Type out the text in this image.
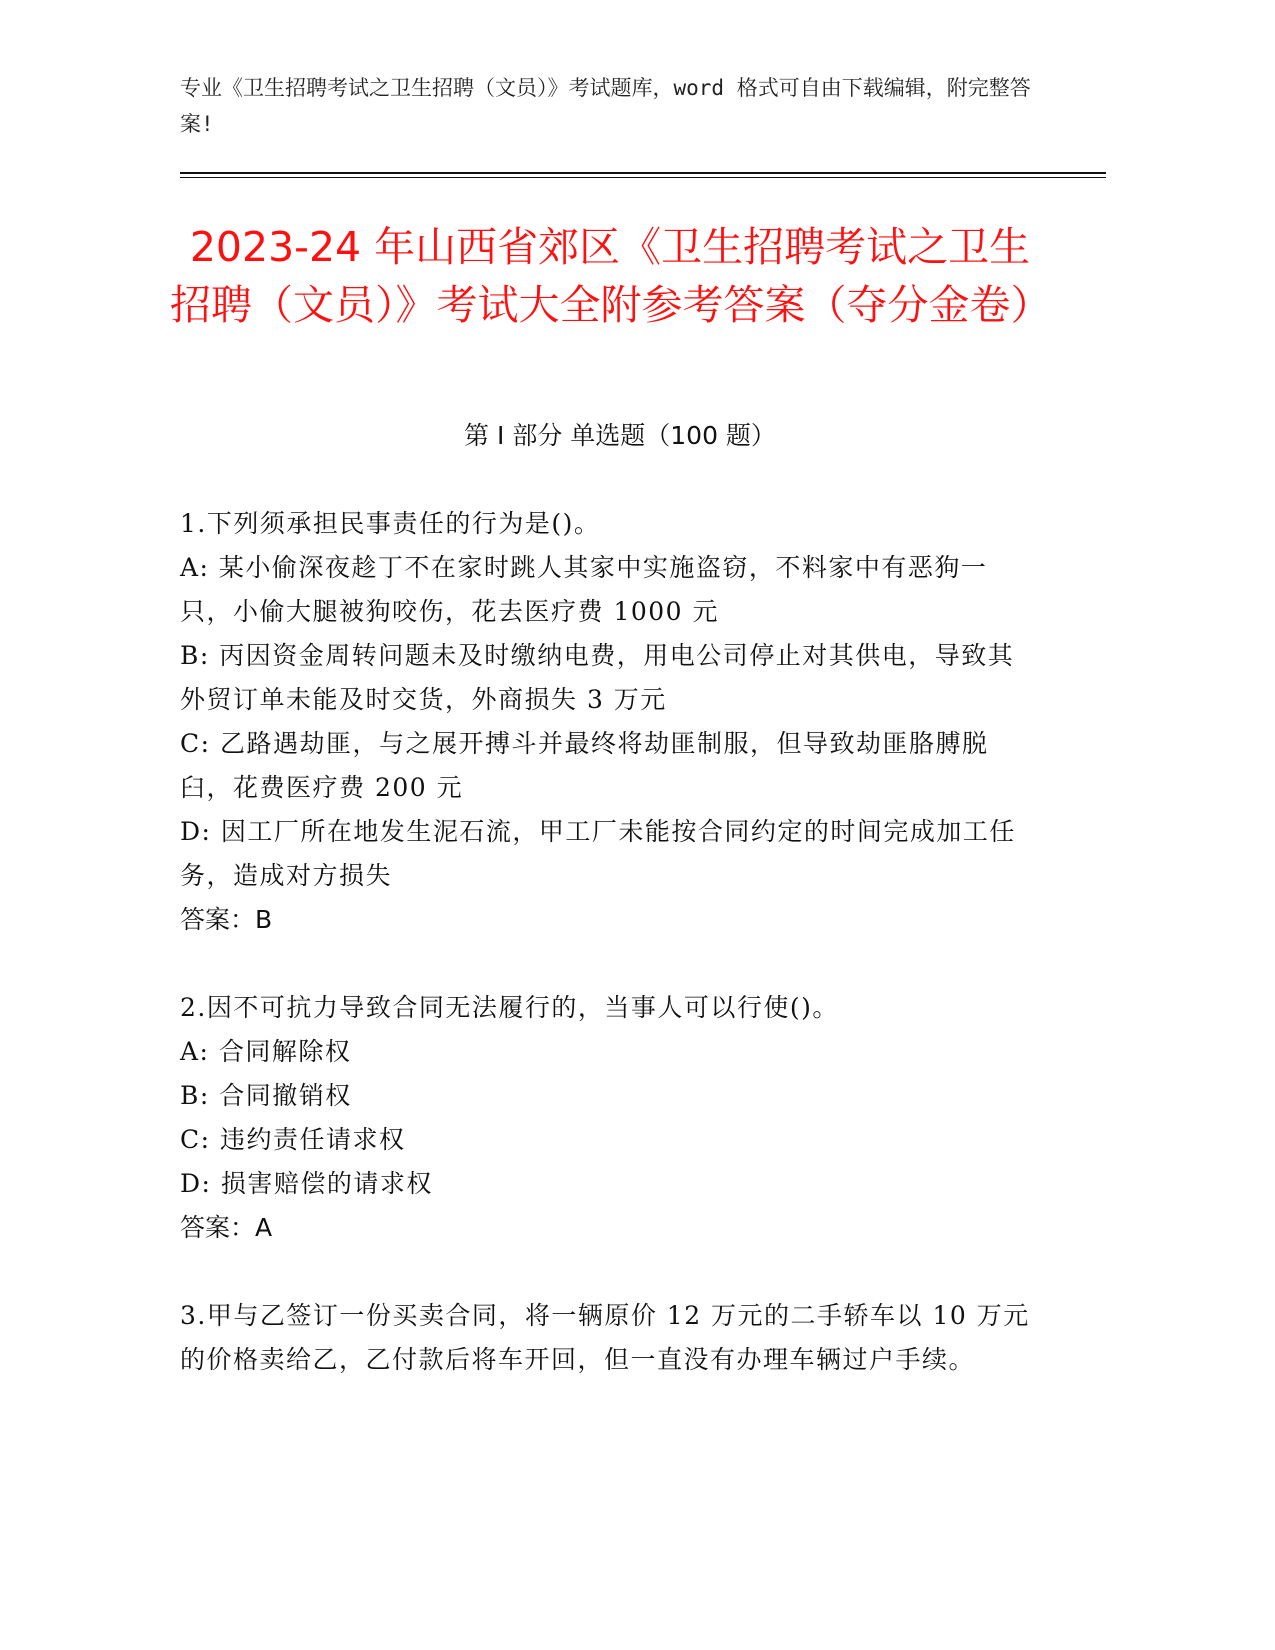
专业《卫生招聘考试之卫生招聘（文员）》考试题库，word 格式可自由下载编辑，附完整答案!
2023-24 年山西省郊区《卫生招聘考试之卫生招聘（文员）》考试大全附参考答案（夺分金卷）
第 I 部分 单选题（100 题）
1.下列须承担民事责任的行为是()。
A: 某小偷深夜趁丁不在家时跳人其家中实施盗窃，不料家中有恶狗一只，小偷大腿被狗咬伤，花去医疗费 1000 元
B: 丙因资金周转问题未及时缴纳电费，用电公司停止对其供电，导致其外贸订单未能及时交货，外商损失 3 万元
C: 乙路遇劫匪，与之展开搏斗并最终将劫匪制服，但导致劫匪胳膊脱臼，花费医疗费 200 元
D: 因工厂所在地发生泥石流，甲工厂未能按合同约定的时间完成加工任务，造成对方损失
答案：B
2.因不可抗力导致合同无法履行的，当事人可以行使()。
A: 合同解除权
B: 合同撤销权
C: 违约责任请求权
D: 损害赔偿的请求权
答案：A
3.甲与乙签订一份买卖合同，将一辆原价 12 万元的二手轿车以 10 万元的价格卖给乙，乙付款后将车开回，但一直没有办理车辆过户手续。
